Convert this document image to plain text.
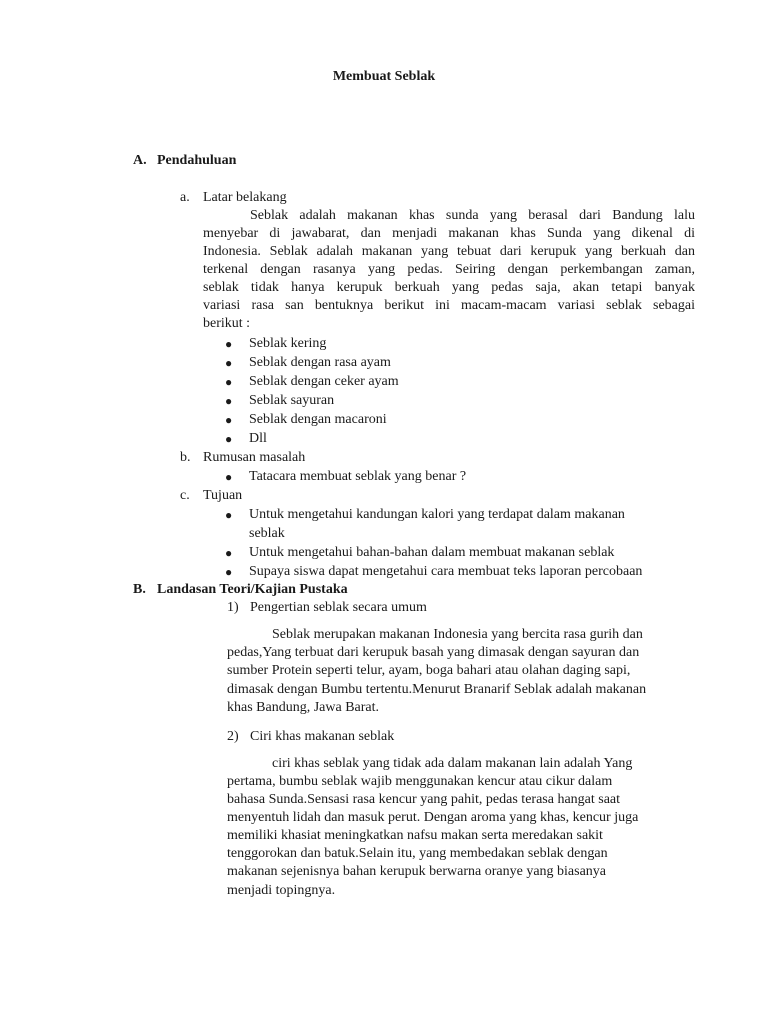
Membuat Seblak
A. Pendahuluan
a. Latar belakang
Seblak adalah makanan khas sunda yang berasal dari Bandung lalu
menyebar di jawabarat, dan menjadi makanan khas Sunda yang dikenal di
Indonesia. Seblak adalah makanan yang tebuat dari kerupuk yang berkuah dan
terkenal dengan rasanya yang pedas. Seiring dengan perkembangan zaman,
seblak tidak hanya kerupuk berkuah yang pedas saja, akan tetapi banyak
variasi rasa san bentuknya berikut ini macam-macam variasi seblak sebagai
berikut :
● Seblak kering
● Seblak dengan rasa ayam
● Seblak dengan ceker ayam
● Seblak sayuran
● Seblak dengan macaroni
● Dll
b. Rumusan masalah
● Tatacara membuat seblak yang benar ?
c. Tujuan
● Untuk mengetahui kandungan kalori yang terdapat dalam makanan
seblak
● Untuk mengetahui bahan-bahan dalam membuat makanan seblak
● Supaya siswa dapat mengetahui cara membuat teks laporan percobaan
B. Landasan Teori/Kajian Pustaka
1) Pengertian seblak secara umum
Seblak merupakan makanan Indonesia yang bercita rasa gurih dan
pedas,Yang terbuat dari kerupuk basah yang dimasak dengan sayuran dan
sumber Protein seperti telur, ayam, boga bahari atau olahan daging sapi,
dimasak dengan Bumbu tertentu.Menurut Branarif Seblak adalah makanan
khas Bandung, Jawa Barat.
2) Ciri khas makanan seblak
ciri khas seblak yang tidak ada dalam makanan lain adalah Yang
pertama, bumbu seblak wajib menggunakan kencur atau cikur dalam
bahasa Sunda.Sensasi rasa kencur yang pahit, pedas terasa hangat saat
menyentuh lidah dan masuk perut. Dengan aroma yang khas, kencur juga
memiliki khasiat meningkatkan nafsu makan serta meredakan sakit
tenggorokan dan batuk.Selain itu, yang membedakan seblak dengan
makanan sejenisnya bahan kerupuk berwarna oranye yang biasanya
menjadi topingnya.
